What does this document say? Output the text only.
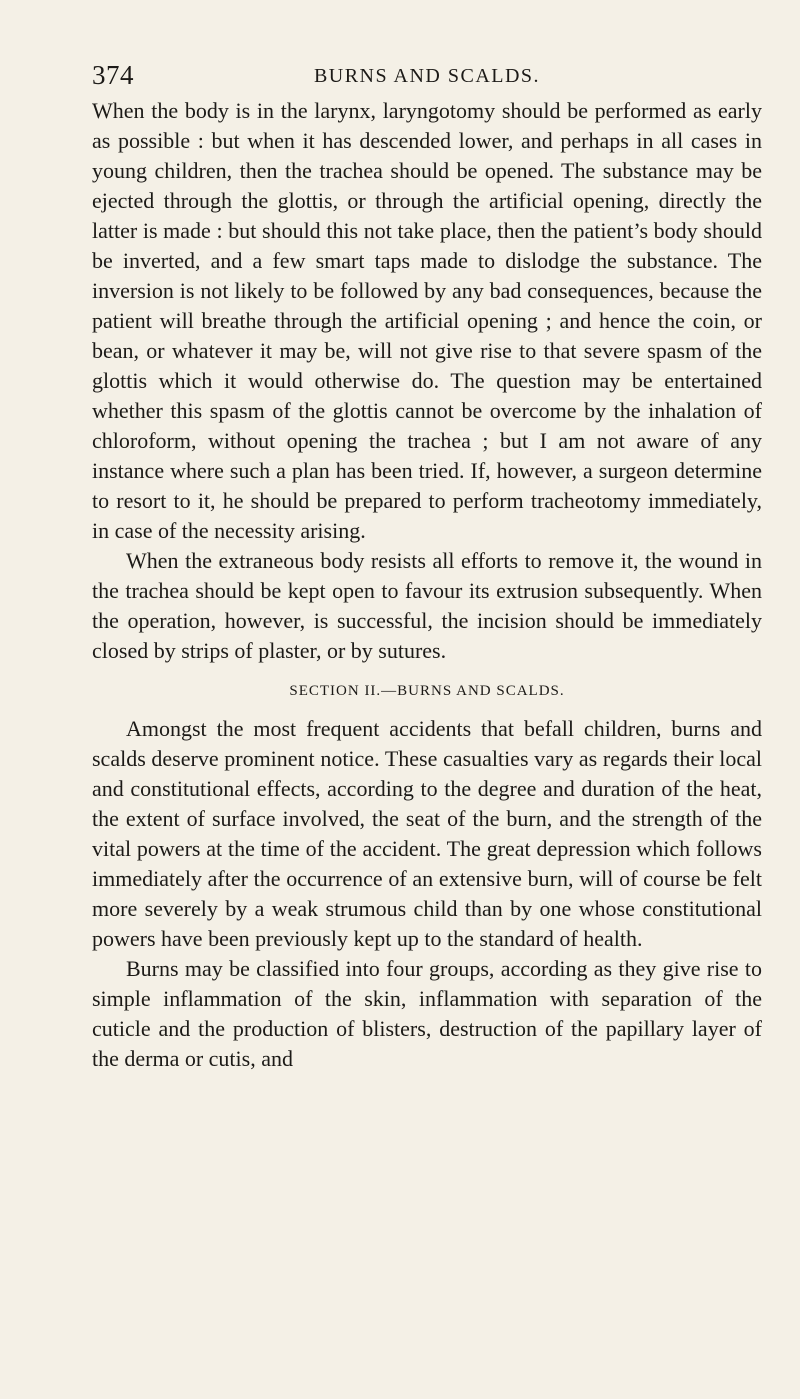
374	BURNS AND SCALDS.

When the body is in the larynx, laryngotomy should be performed as early as possible : but when it has descended lower, and perhaps in all cases in young children, then the trachea should be opened. The substance may be ejected through the glottis, or through the artificial opening, directly the latter is made : but should this not take place, then the patient’s body should be inverted, and a few smart taps made to dislodge the substance. The inversion is not likely to be followed by any bad consequences, because the patient will breathe through the artificial opening ; and hence the coin, or bean, or whatever it may be, will not give rise to that severe spasm of the glottis which it would otherwise do. The question may be entertained whether this spasm of the glottis cannot be overcome by the inhalation of chloroform, without opening the trachea ; but I am not aware of any instance where such a plan has been tried. If, however, a surgeon determine to resort to it, he should be prepared to perform tracheotomy immediately, in case of the necessity arising.

When the extraneous body resists all efforts to remove it, the wound in the trachea should be kept open to favour its extrusion subsequently. When the operation, however, is successful, the incision should be immediately closed by strips of plaster, or by sutures.

SECTION II.—BURNS AND SCALDS.

Amongst the most frequent accidents that befall children, burns and scalds deserve prominent notice. These casualties vary as regards their local and constitutional effects, according to the degree and duration of the heat, the extent of surface involved, the seat of the burn, and the strength of the vital powers at the time of the accident. The great depression which follows immediately after the occurrence of an extensive burn, will of course be felt more severely by a weak strumous child than by one whose constitutional powers have been previously kept up to the standard of health.

Burns may be classified into four groups, according as they give rise to simple inflammation of the skin, inflammation with separation of the cuticle and the production of blisters, destruction of the papillary layer of the derma or cutis, and
